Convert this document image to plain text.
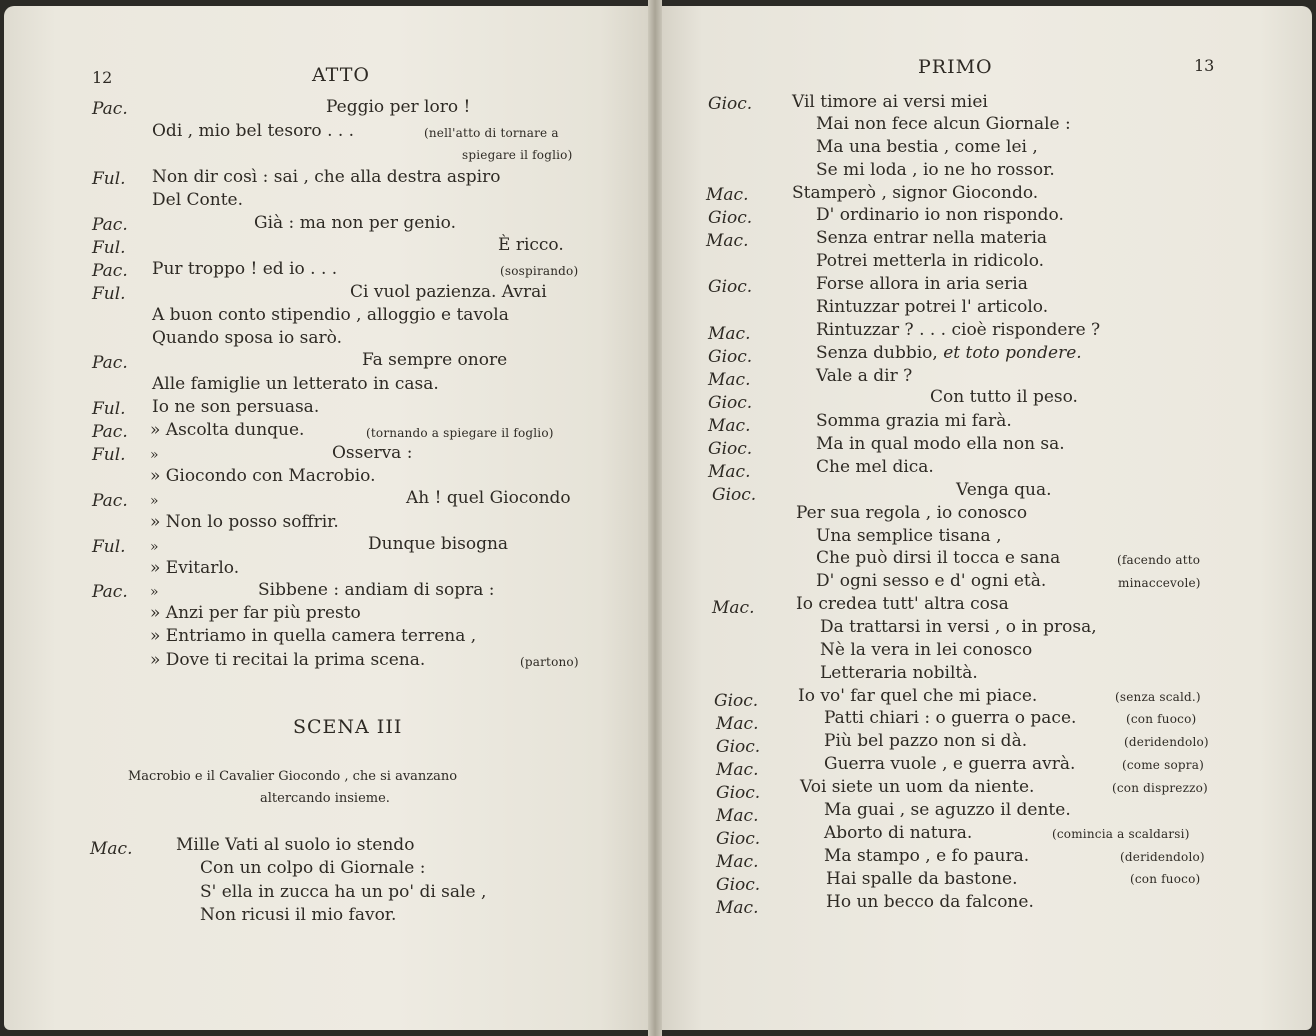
12	ATTO
Pac.	Peggio per loro !
Odi , mio bel tesoro . . .	(nell'atto di tornare a
spiegare il foglio)
Ful. Non dir così : sai , che alla destra aspiro
Del Conte.
Pac.	Già : ma non per genio.
Ful.	È ricco.
Pac. Pur troppo ! ed io . . .	(sospirando)
Ful.	Ci vuol pazienza. Avrai
A buon conto stipendio , alloggio e tavola
Quando sposa io sarò.
Pac.	Fa sempre onore
Alle famiglie un letterato in casa.
Ful. Io ne son persuasa.
Pac. » Ascolta dunque.	(tornando a spiegare il foglio)
Ful. »	Osserva :
» Giocondo con Macrobio.
Pac. »	Ah ! quel Giocondo
» Non lo posso soffrir.
Ful. »	Dunque bisogna
» Evitarlo.
Pac. »	Sibbene : andiam di sopra :
» Anzi per far più presto
» Entriamo in quella camera terrena ,
» Dove ti recitai la prima scena.	(partono)
SCENA III
Macrobio e il Cavalier Giocondo , che si avanzano
altercando insieme.
Mac.	Mille Vati al suolo io stendo
Con un colpo di Giornale :
S' ella in zucca ha un po' di sale ,
Non ricusi il mio favor.
PRIMO	13
Gioc. Vil timore ai versi miei
Mai non fece alcun Giornale :
Ma una bestia , come lei ,
Se mi loda , io ne ho rossor.
Mac.	Stamperò , signor Giocondo.
Gioc.	D' ordinario io non rispondo.
Mac.	Senza entrar nella materia
Potrei metterla in ridicolo.
Gioc.	Forse allora in aria seria
Rintuzzar potrei l' articolo.
Mac.	Rintuzzar ? . . . cioè rispondere ?
Gioc.	Senza dubbio, et toto pondere.
Mac.	Vale a dir ?
Gioc.	Con tutto il peso.
Mac.	Somma grazia mi farà.
Gioc.	Ma in qual modo ella non sa.
Mac.	Che mel dica.
Gioc.	Venga qua.
Per sua regola , io conosco
Una semplice tisana ,
Che può dirsi il tocca e sana	(facendo atto
D' ogni sesso e d' ogni età.	minaccevole)
Mac. Io credea tutt' altra cosa
Da trattarsi in versi , o in prosa,
Nè la vera in lei conosco
Letteraria nobiltà.
Gioc. Io vo' far quel che mi piace.	(senza scald.)
Mac.	Patti chiari : o guerra o pace.	(con fuoco)
Gioc.	Più bel pazzo non si dà.	(deridendolo)
Mac.	Guerra vuole , e guerra avrà.	(come sopra)
Gioc. Voi siete un uom da niente.	(con disprezzo)
Mac.	Ma guai , se aguzzo il dente.
Gioc.	Aborto di natura.	(comincia a scaldarsi)
Mac.	Ma stampo , e fo paura.	(deridendolo)
Gioc.	Hai spalle da bastone.	(con fuoco)
Mac.	Ho un becco da falcone.
